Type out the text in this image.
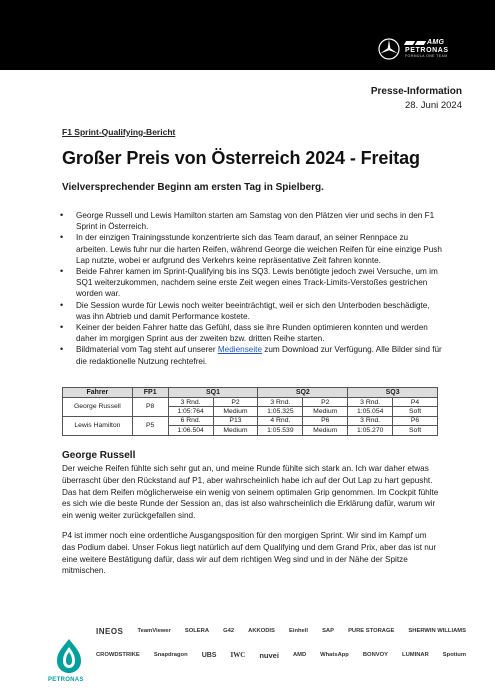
AMG
PETRONAS
FORMULA ONE TEAM
Presse-Information
28. Juni 2024
F1 Sprint-Qualifying-Bericht
Großer Preis von Österreich 2024 - Freitag
Vielversprechender Beginn am ersten Tag in Spielberg.
• George Russell und Lewis Hamilton starten am Samstag von den Plätzen vier und sechs in den F1 Sprint in Österreich.
• In der einzigen Trainingsstunde konzentrierte sich das Team darauf, an seiner Rennpace zu arbeiten. Lewis fuhr nur die harten Reifen, während George die weichen Reifen für eine einzige Push Lap nutzte, wobei er aufgrund des Verkehrs keine repräsentative Zeit fahren konnte.
• Beide Fahrer kamen im Sprint-Qualifying bis ins SQ3. Lewis benötigte jedoch zwei Versuche, um im SQ1 weiterzukommen, nachdem seine erste Zeit wegen eines Track-Limits-Verstoßes gestrichen worden war.
• Die Session wurde für Lewis noch weiter beeinträchtigt, weil er sich den Unterboden beschädigte, was ihn Abtrieb und damit Performance kostete.
• Keiner der beiden Fahrer hatte das Gefühl, dass sie ihre Runden optimieren konnten und werden daher im morgigen Sprint aus der zweiten bzw. dritten Reihe starten.
• Bildmaterial vom Tag steht auf unserer Medienseite zum Download zur Verfügung. Alle Bilder sind für die redaktionelle Nutzung rechtefrei.
Fahrer	FP1	SQ1		SQ2		SQ3	
George Russell	P8	3 Rnd.	P2	3 Rnd.	P2	3 Rnd.	P4
		1:05:764	Medium	1:05.325	Medium	1:05.054	Soft
Lewis Hamilton	P5	6 Rnd.	P13	4 Rnd.	P6	3 Rnd.	P6
		1:06.504	Medium	1:05.539	Medium	1:05.270	Soft
George Russell
Der weiche Reifen fühlte sich sehr gut an, und meine Runde fühlte sich stark an. Ich war daher etwas überrascht über den Rückstand auf P1, aber wahrscheinlich habe ich auf der Out Lap zu hart gepusht. Das hat dem Reifen möglicherweise ein wenig von seinem optimalen Grip genommen. Im Cockpit fühlte es sich wie die beste Runde der Session an, das ist also wahrscheinlich die Erklärung dafür, warum wir ein wenig weiter zurückgefallen sind.
P4 ist immer noch eine ordentliche Ausgangsposition für den morgigen Sprint. Wir sind im Kampf um das Podium dabei. Unser Fokus liegt natürlich auf dem Qualifying und dem Grand Prix, aber das ist nur eine weitere Bestätigung dafür, dass wir auf dem richtigen Weg sind und in der Nähe der Spitze mitmischen.
PETRONAS
INEOS TeamViewer SOLERA G42 AKKODIS Einhell SAP PURE STORAGE SHERWIN WILLIAMS
CROWDSTRIKE Snapdragon UBS IWC nuvei AMD WhatsApp BONVOY LUMINAR Spotium
